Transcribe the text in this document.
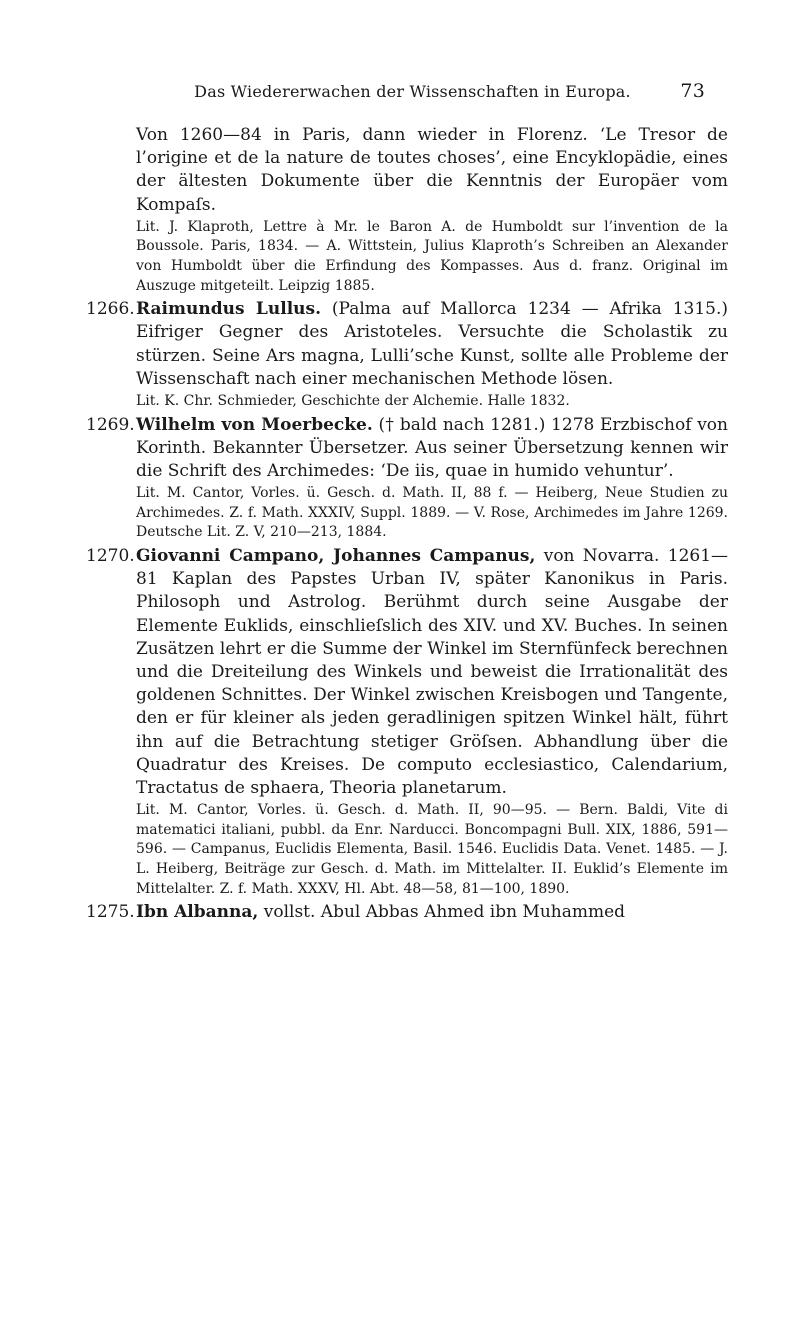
Das Wiedererwachen der Wissenschaften in Europa.	73

Von 1260—84 in Paris, dann wieder in Florenz. ‘Le Tresor de l’origine et de la nature de toutes choses’, eine Encyklopädie, eines der ältesten Dokumente über die Kenntnis der Europäer vom Kompaſs.

Lit. J. Klaproth, Lettre à Mr. le Baron A. de Humboldt sur l’invention de la Boussole. Paris, 1834. — A. Wittstein, Julius Klaproth’s Schreiben an Alexander von Humboldt über die Erfindung des Kompasses. Aus d. franz. Original im Auszuge mitgeteilt. Leipzig 1885.

1266. Raimundus Lullus. (Palma auf Mallorca 1234 — Afrika 1315.) Eifriger Gegner des Aristoteles. Versuchte die Scholastik zu stürzen. Seine Ars magna, Lulli’sche Kunst, sollte alle Probleme der Wissenschaft nach einer mechanischen Methode lösen.

Lit. K. Chr. Schmieder, Geschichte der Alchemie. Halle 1832.

1269. Wilhelm von Moerbecke. († bald nach 1281.) 1278 Erzbischof von Korinth. Bekannter Übersetzer. Aus seiner Übersetzung kennen wir die Schrift des Archimedes: ‘De iis, quae in humido vehuntur’.

Lit. M. Cantor, Vorles. ü. Gesch. d. Math. II, 88 f. — Heiberg, Neue Studien zu Archimedes. Z. f. Math. XXXIV, Suppl. 1889. — V. Rose, Archimedes im Jahre 1269. Deutsche Lit. Z. V, 210—213, 1884.

1270. Giovanni Campano, Johannes Campanus, von Novarra. 1261—81 Kaplan des Papstes Urban IV, später Kanonikus in Paris. Philosoph und Astrolog. Berühmt durch seine Ausgabe der Elemente Euklids, einschlieſslich des XIV. und XV. Buches. In seinen Zusätzen lehrt er die Summe der Winkel im Sternfünfeck berechnen und die Dreiteilung des Winkels und beweist die Irrationalität des goldenen Schnittes. Der Winkel zwischen Kreisbogen und Tangente, den er für kleiner als jeden geradlinigen spitzen Winkel hält, führt ihn auf die Betrachtung stetiger Gröſsen. Abhandlung über die Quadratur des Kreises. De computo ecclesiastico, Calendarium, Tractatus de sphaera, Theoria planetarum.

Lit. M. Cantor, Vorles. ü. Gesch. d. Math. II, 90—95. — Bern. Baldi, Vite di matematici italiani, pubbl. da Enr. Narducci. Boncompagni Bull. XIX, 1886, 591—596. — Campanus, Euclidis Elementa, Basil. 1546. Euclidis Data. Venet. 1485. — J. L. Heiberg, Beiträge zur Gesch. d. Math. im Mittelalter. II. Euklid’s Elemente im Mittelalter. Z. f. Math. XXXV, Hl. Abt. 48—58, 81—100, 1890.

1275. Ibn Albanna, vollst. Abul Abbas Ahmed ibn Muhammed
